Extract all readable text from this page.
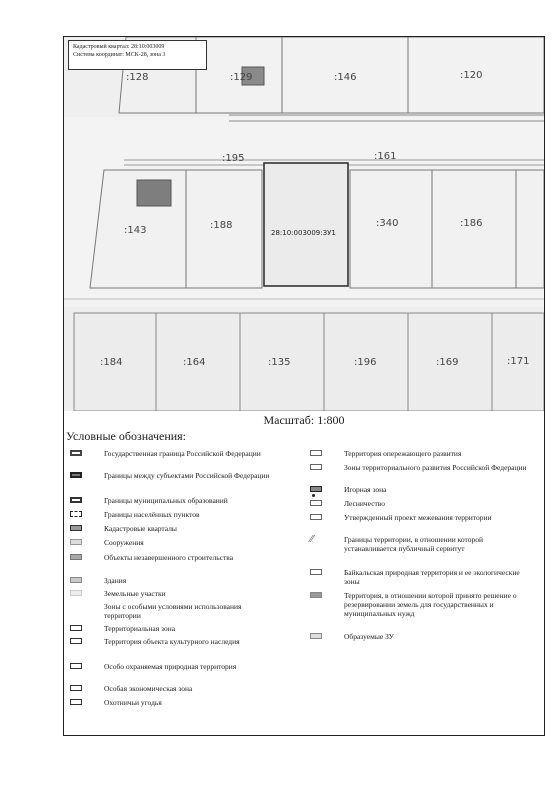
:128	:129	:146	:120
:195	:161
:143	:188	:340	:186
:184	:164	:135	:196	:169	:171
28:10:003009:ЗУ1
Кадастровый квартал: 28:10:003009
Система координат: МСК-28, зона 3
Масштаб: 1:800
Условные обозначения:
Государственная граница Российской Федерации
Границы между субъектами Российской Федерации
Границы муниципальных образований
Границы населённых пунктов
Кадастровые кварталы
Сооружения
Объекты незавершенного строительства
Здания
Земельные участки
Зоны с особыми условиями использования территории
Территориальная зона
Территория объекта культурного наследия
Особо охраняемая природная территория
Особая экономическая зона
Охотничьи угодья
Территория опережающего развития
Зоны территориального развития Российской Федерации
Игорная зона
Лесничество
Утвержденный проект межевания территории
⁄⁄	Границы территории, в отношении которой устанавливается публичный сервитут
Байкальская природная территория и ее экологические зоны
Территория, в отношении которой принято решение о резервировании земель для государственных и муниципальных нужд
Образуемые ЗУ
